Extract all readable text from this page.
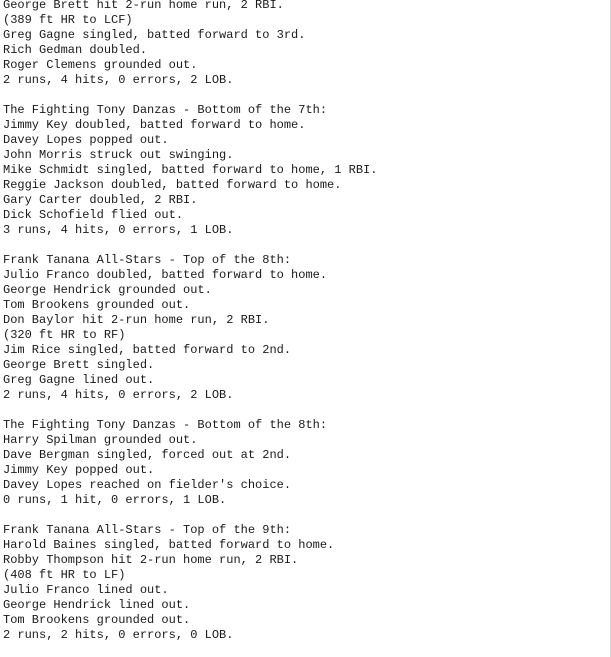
George Brett hit 2-run home run, 2 RBI.
(389 ft HR to LCF)
Greg Gagne singled, batted forward to 3rd.
Rich Gedman doubled.
Roger Clemens grounded out.
2 runs, 4 hits, 0 errors, 2 LOB.
The Fighting Tony Danzas - Bottom of the 7th:
Jimmy Key doubled, batted forward to home.
Davey Lopes popped out.
John Morris struck out swinging.
Mike Schmidt singled, batted forward to home, 1 RBI.
Reggie Jackson doubled, batted forward to home.
Gary Carter doubled, 2 RBI.
Dick Schofield flied out.
3 runs, 4 hits, 0 errors, 1 LOB.
Frank Tanana All-Stars - Top of the 8th:
Julio Franco doubled, batted forward to home.
George Hendrick grounded out.
Tom Brookens grounded out.
Don Baylor hit 2-run home run, 2 RBI.
(320 ft HR to RF)
Jim Rice singled, batted forward to 2nd.
George Brett singled.
Greg Gagne lined out.
2 runs, 4 hits, 0 errors, 2 LOB.
The Fighting Tony Danzas - Bottom of the 8th:
Harry Spilman grounded out.
Dave Bergman singled, forced out at 2nd.
Jimmy Key popped out.
Davey Lopes reached on fielder's choice.
0 runs, 1 hit, 0 errors, 1 LOB.
Frank Tanana All-Stars - Top of the 9th:
Harold Baines singled, batted forward to home.
Robby Thompson hit 2-run home run, 2 RBI.
(408 ft HR to LF)
Julio Franco lined out.
George Hendrick lined out.
Tom Brookens grounded out.
2 runs, 2 hits, 0 errors, 0 LOB.
